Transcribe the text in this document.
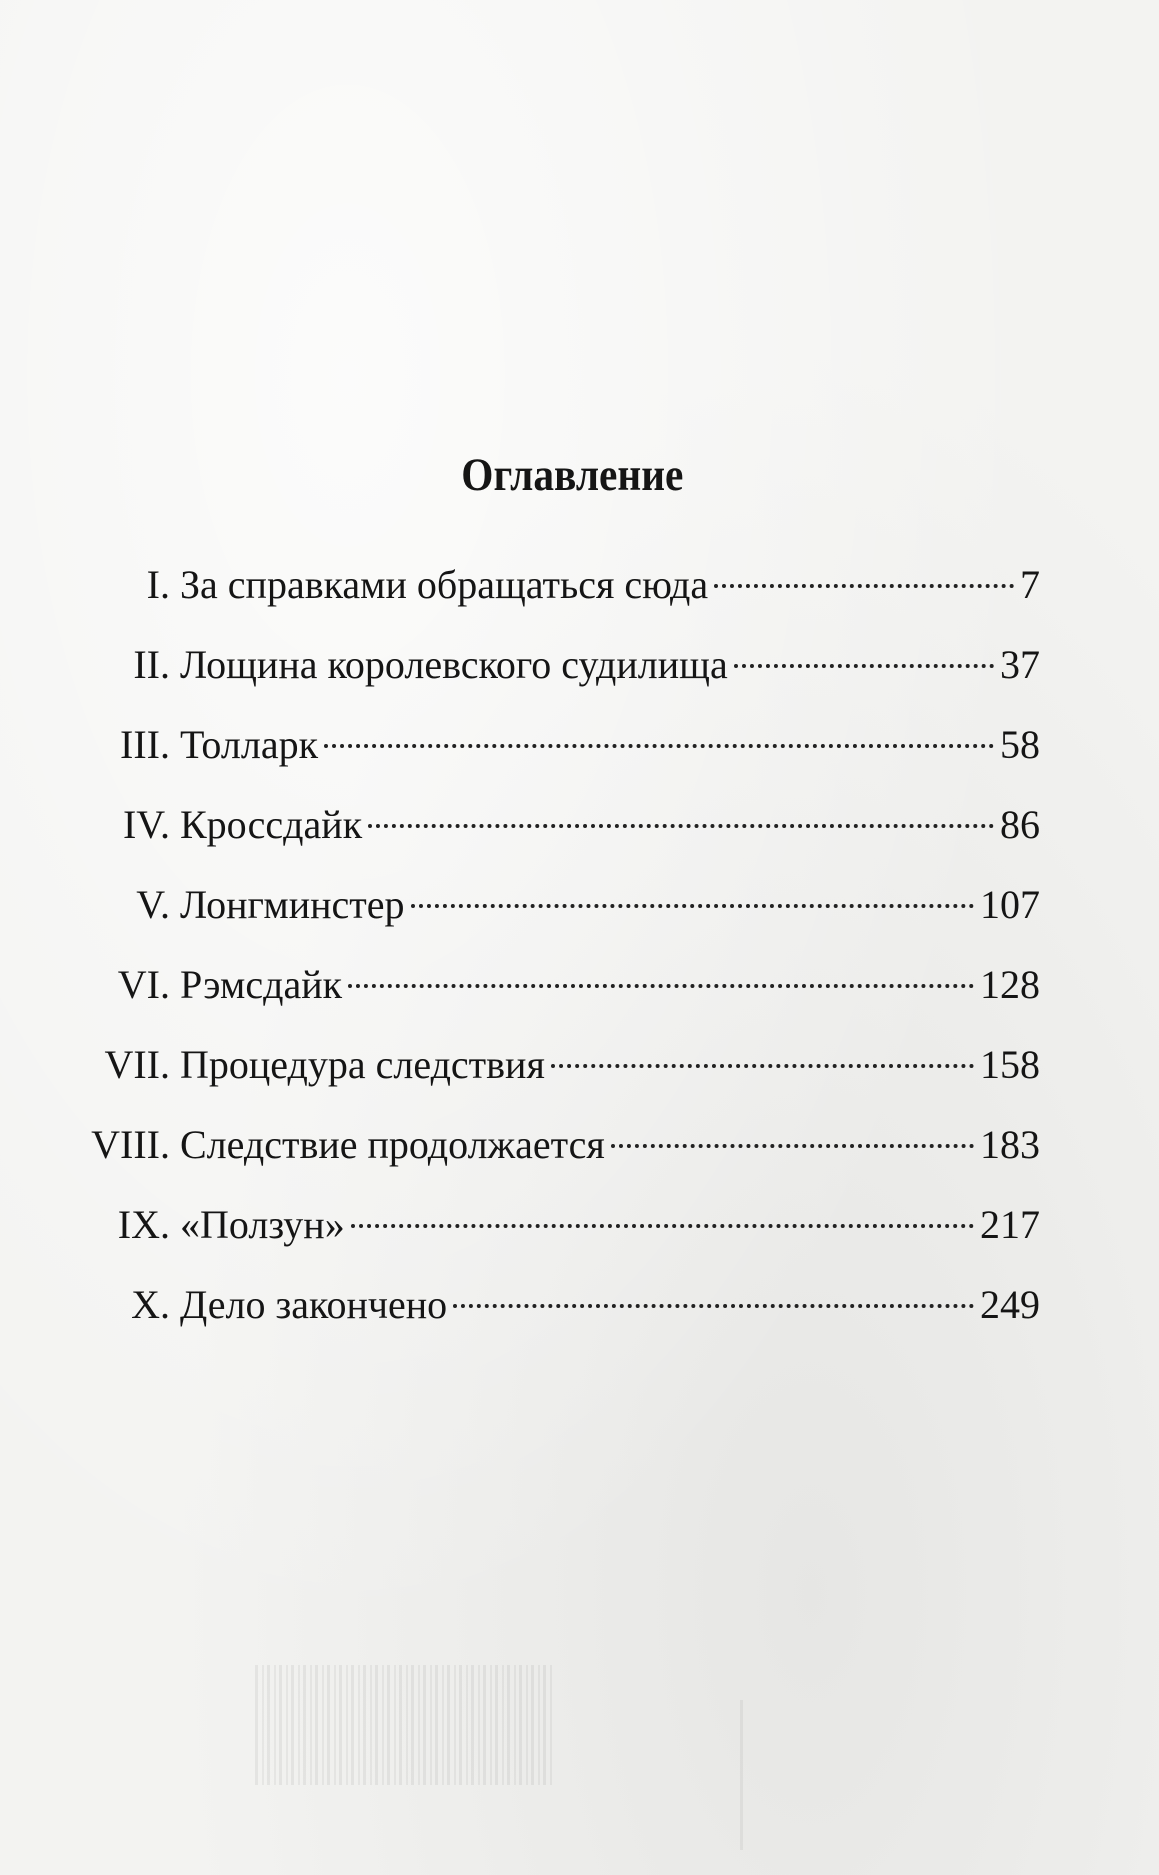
Оглавление
I. За справками обращаться сюда	7
II. Лощина королевского судилища	37
III. Толларк	58
IV. Кроссдайк	86
V. Лонгминстер	107
VI. Рэмсдайк	128
VII. Процедура следствия	158
VIII. Следствие продолжается	183
IX. «Ползун»	217
X. Дело закончено	249
